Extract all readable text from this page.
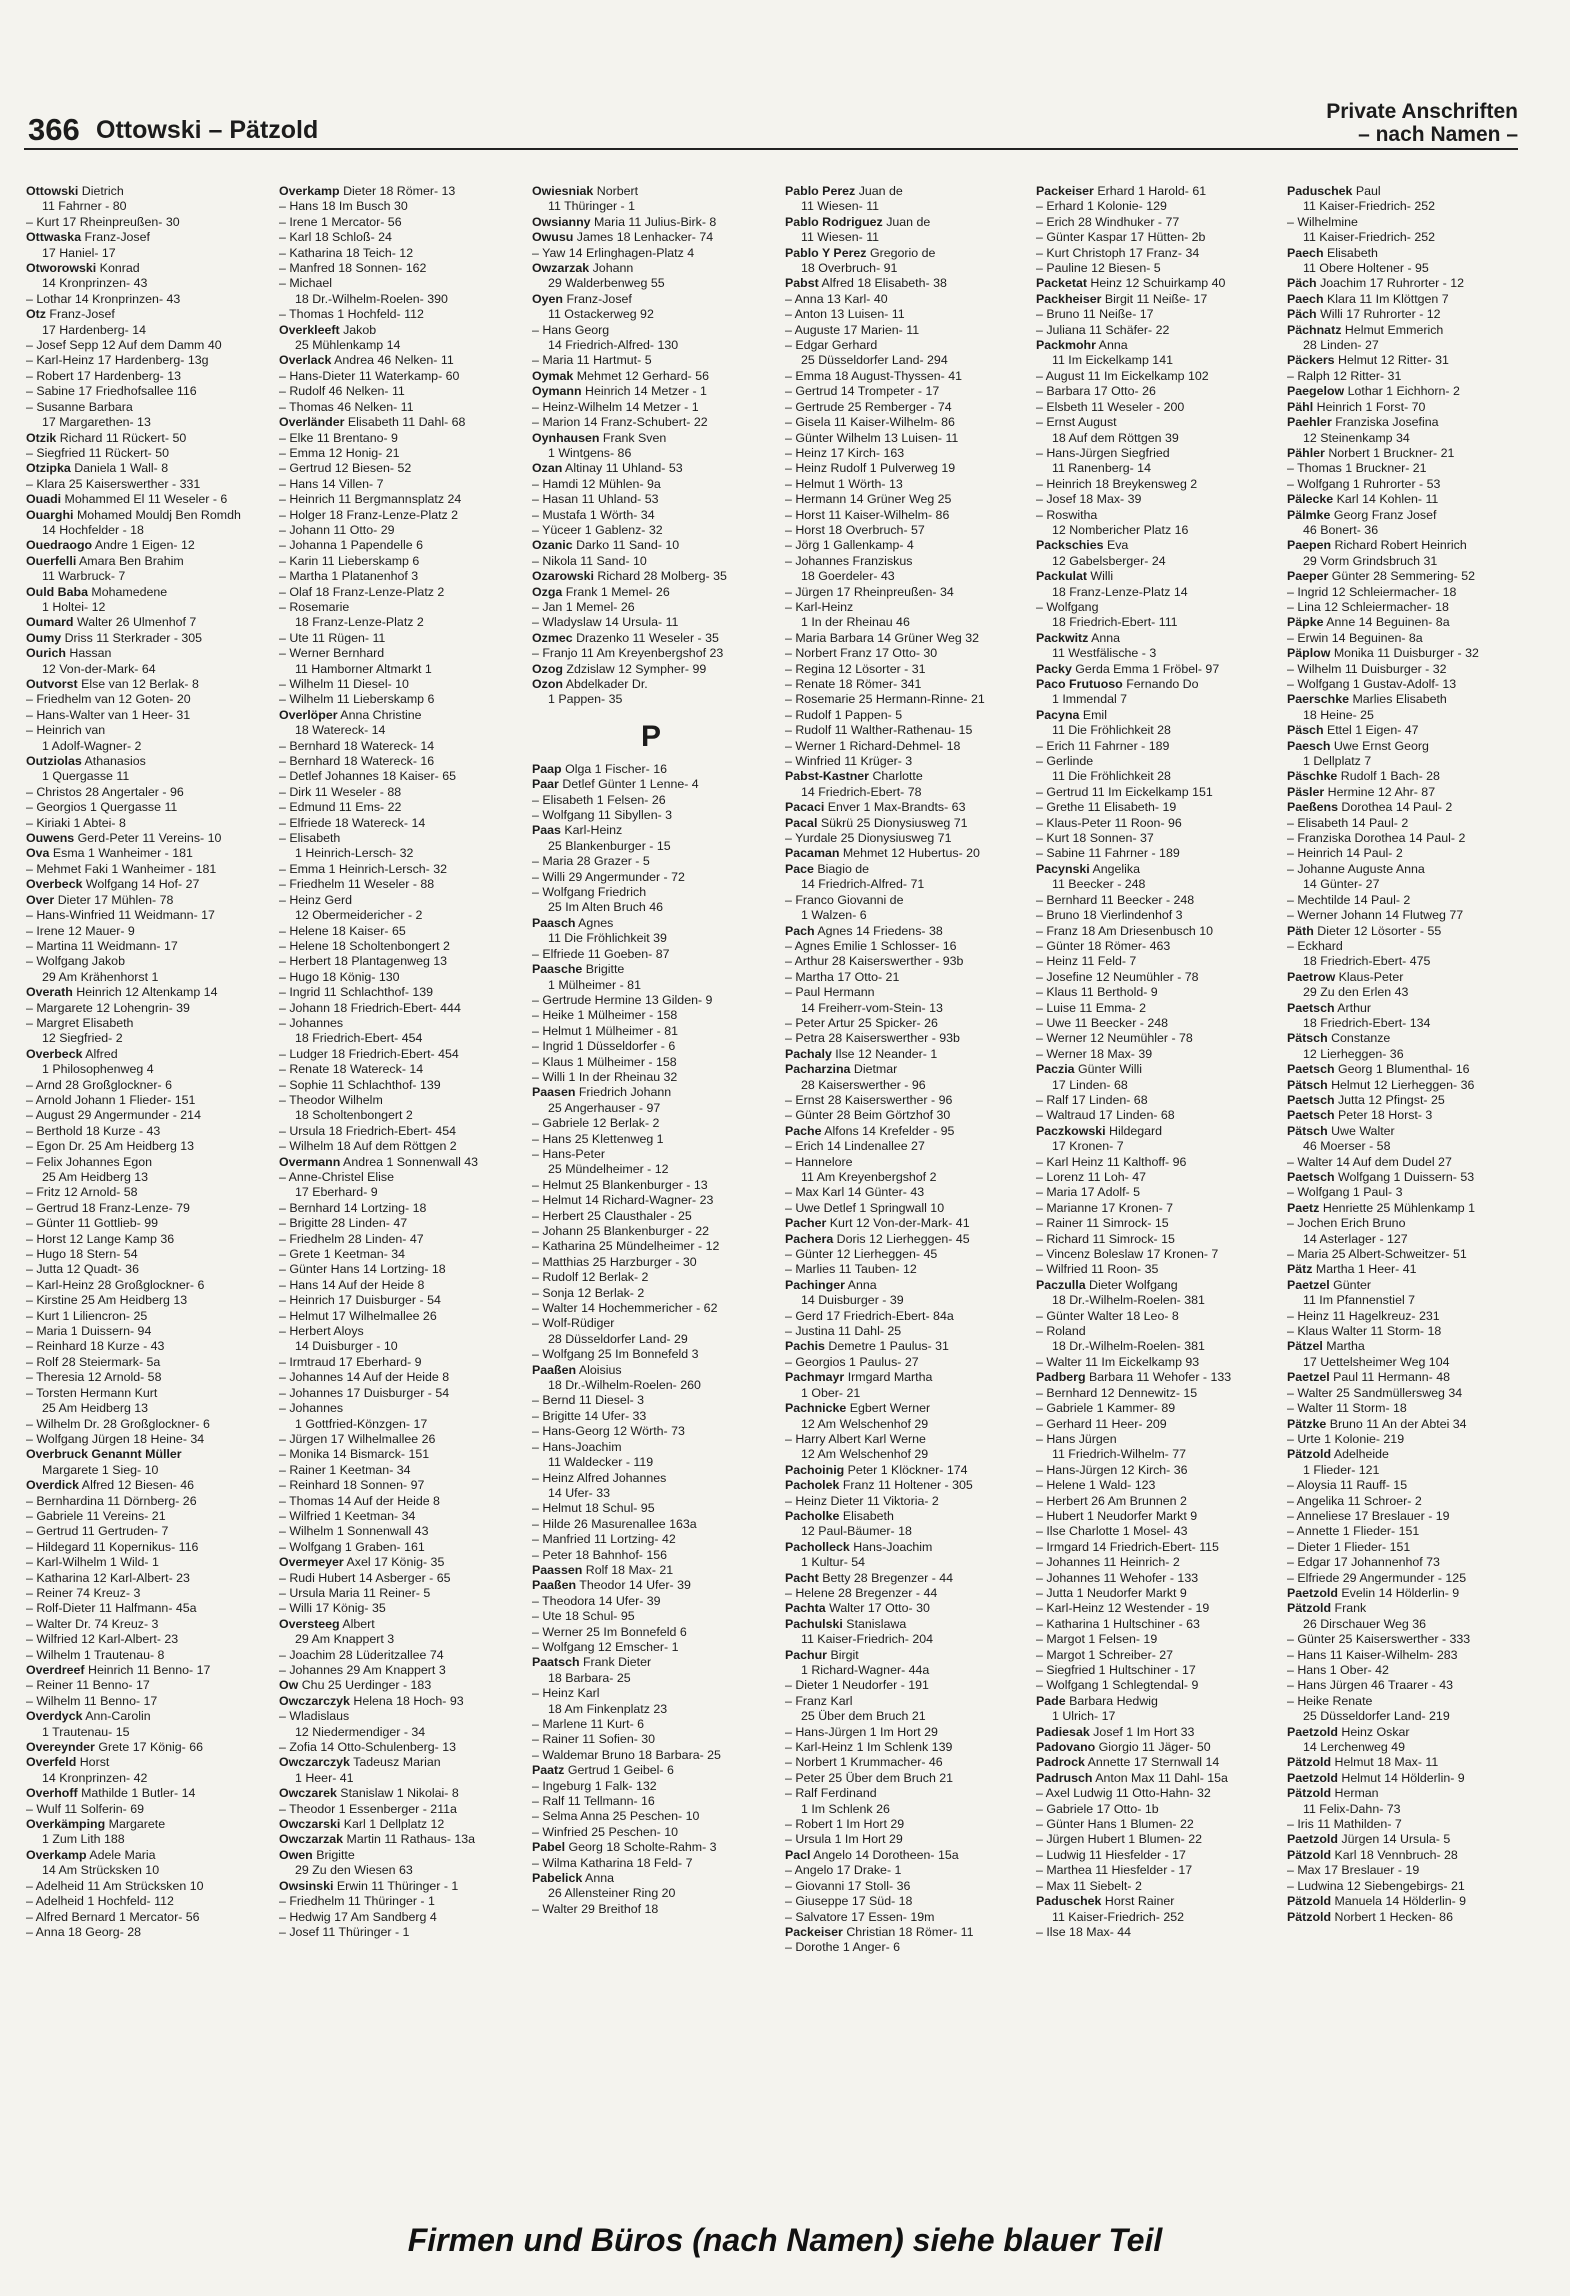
366 Ottowski – Pätzold
Private Anschriften
– nach Namen –
Ottowski Dietrich
11 Fahrner - 80
– Kurt 17 Rheinpreußen- 30
Ottwaska Franz-Josef
17 Haniel- 17
Otworowski Konrad
14 Kronprinzen- 43
– Lothar 14 Kronprinzen- 43
Otz Franz-Josef
17 Hardenberg- 14
– Josef Sepp 12 Auf dem Damm 40
– Karl-Heinz 17 Hardenberg- 13g
– Robert 17 Hardenberg- 13
– Sabine 17 Friedhofsallee 116
– Susanne Barbara
17 Margarethen- 13
Otzik Richard 11 Rückert- 50
– Siegfried 11 Rückert- 50
Otzipka Daniela 1 Wall- 8
– Klara 25 Kaiserswerther - 331
Ouadi Mohammed El 11 Weseler - 6
Ouarghi Mohamed Mouldj Ben Romdh
14 Hochfelder - 18
Ouedraogo Andre 1 Eigen- 12
Ouerfelli Amara Ben Brahim
11 Warbruck- 7
Ould Baba Mohamedene
1 Holtei- 12
Oumard Walter 26 Ulmenhof 7
Oumy Driss 11 Sterkrader - 305
Ourich Hassan
12 Von-der-Mark- 64
Outvorst Else van 12 Berlak- 8
– Friedhelm van 12 Goten- 20
– Hans-Walter van 1 Heer- 31
– Heinrich van
1 Adolf-Wagner- 2
Outziolas Athanasios
1 Quergasse 11
– Christos 28 Angertaler - 96
– Georgios 1 Quergasse 11
– Kiriaki 1 Abtei- 8
Ouwens Gerd-Peter 11 Vereins- 10
Ova Esma 1 Wanheimer - 181
– Mehmet Faki 1 Wanheimer - 181
Overbeck Wolfgang 14 Hof- 27
Over Dieter 17 Mühlen- 78
– Hans-Winfried 11 Weidmann- 17
– Irene 12 Mauer- 9
– Martina 11 Weidmann- 17
– Wolfgang Jakob
29 Am Krähenhorst 1
Overath Heinrich 12 Altenkamp 14
– Margarete 12 Lohengrin- 39
– Margret Elisabeth
12 Siegfried- 2
Overbeck Alfred
1 Philosophenweg 4
– Arnd 28 Großglockner- 6
– Arnold Johann 1 Flieder- 151
– August 29 Angermunder - 214
– Berthold 18 Kurze - 43
– Egon Dr. 25 Am Heidberg 13
– Felix Johannes Egon
25 Am Heidberg 13
– Fritz 12 Arnold- 58
– Gertrud 18 Franz-Lenze- 79
– Günter 11 Gottlieb- 99
– Horst 12 Lange Kamp 36
– Hugo 18 Stern- 54
– Jutta 12 Quadt- 36
– Karl-Heinz 28 Großglockner- 6
– Kirstine 25 Am Heidberg 13
– Kurt 1 Liliencron- 25
– Maria 1 Duissern- 94
– Reinhard 18 Kurze - 43
– Rolf 28 Steiermark- 5a
– Theresia 12 Arnold- 58
– Torsten Hermann Kurt
25 Am Heidberg 13
– Wilhelm Dr. 28 Großglockner- 6
– Wolfgang Jürgen 18 Heine- 34
Overbruck Genannt Müller
Margarete 1 Sieg- 10
Overdick Alfred 12 Biesen- 46
– Bernhardina 11 Dörnberg- 26
– Gabriele 11 Vereins- 21
– Gertrud 11 Gertruden- 7
– Hildegard 11 Kopernikus- 116
– Karl-Wilhelm 1 Wild- 1
– Katharina 12 Karl-Albert- 23
– Reiner 74 Kreuz- 3
– Rolf-Dieter 11 Halfmann- 45a
– Walter Dr. 74 Kreuz- 3
– Wilfried 12 Karl-Albert- 23
– Wilhelm 1 Trautenau- 8
Overdreef Heinrich 11 Benno- 17
– Reiner 11 Benno- 17
– Wilhelm 11 Benno- 17
Overdyck Ann-Carolin
1 Trautenau- 15
Overeynder Grete 17 König- 66
Overfeld Horst
14 Kronprinzen- 42
Overhoff Mathilde 1 Butler- 14
– Wulf 11 Solferin- 69
Overkämping Margarete
1 Zum Lith 188
Overkamp Adele Maria
14 Am Strücksken 10
– Adelheid 11 Am Strücksken 10
– Adelheid 1 Hochfeld- 112
– Alfred Bernard 1 Mercator- 56
– Anna 18 Georg- 28
Overkamp Dieter 18 Römer- 13
– Hans 18 Im Busch 30
– Irene 1 Mercator- 56
– Karl 18 Schloß- 24
– Katharina 18 Teich- 12
– Manfred 18 Sonnen- 162
– Michael
18 Dr.-Wilhelm-Roelen- 390
– Thomas 1 Hochfeld- 112
Overkleeft Jakob
25 Mühlenkamp 14
Overlack Andrea 46 Nelken- 11
– Hans-Dieter 11 Waterkamp- 60
– Rudolf 46 Nelken- 11
– Thomas 46 Nelken- 11
Overländer Elisabeth 11 Dahl- 68
– Elke 11 Brentano- 9
– Emma 12 Honig- 21
– Gertrud 12 Biesen- 52
– Hans 14 Villen- 7
– Heinrich 11 Bergmannsplatz 24
– Holger 18 Franz-Lenze-Platz 2
– Johann 11 Otto- 29
– Johanna 1 Papendelle 6
– Karin 11 Lieberskamp 6
– Martha 1 Platanenhof 3
– Olaf 18 Franz-Lenze-Platz 2
– Rosemarie
18 Franz-Lenze-Platz 2
– Ute 11 Rügen- 11
– Werner Bernhard
11 Hamborner Altmarkt 1
– Wilhelm 11 Diesel- 10
– Wilhelm 11 Lieberskamp 6
Overlöper Anna Christine
18 Watereck- 14
– Bernhard 18 Watereck- 14
– Bernhard 18 Watereck- 16
– Detlef Johannes 18 Kaiser- 65
– Dirk 11 Weseler - 88
– Edmund 11 Ems- 22
– Elfriede 18 Watereck- 14
– Elisabeth
1 Heinrich-Lersch- 32
– Emma 1 Heinrich-Lersch- 32
– Friedhelm 11 Weseler - 88
– Heinz Gerd
12 Obermeidericher - 2
– Helene 18 Kaiser- 65
– Helene 18 Scholtenbongert 2
– Herbert 18 Plantagenweg 13
– Hugo 18 König- 130
– Ingrid 11 Schlachthof- 139
– Johann 18 Friedrich-Ebert- 444
– Johannes
18 Friedrich-Ebert- 454
– Ludger 18 Friedrich-Ebert- 454
– Renate 18 Watereck- 14
– Sophie 11 Schlachthof- 139
– Theodor Wilhelm
18 Scholtenbongert 2
– Ursula 18 Friedrich-Ebert- 454
– Wilhelm 18 Auf dem Röttgen 2
Overmann Andrea 1 Sonnenwall 43
– Anne-Christel Elise
17 Eberhard- 9
– Bernhard 14 Lortzing- 18
– Brigitte 28 Linden- 47
– Friedhelm 28 Linden- 47
– Grete 1 Keetman- 34
– Günter Hans 14 Lortzing- 18
– Hans 14 Auf der Heide 8
– Heinrich 17 Duisburger - 54
– Helmut 17 Wilhelmallee 26
– Herbert Aloys
14 Duisburger - 10
– Irmtraud 17 Eberhard- 9
– Johannes 14 Auf der Heide 8
– Johannes 17 Duisburger - 54
– Johannes
1 Gottfried-Könzgen- 17
– Jürgen 17 Wilhelmallee 26
– Monika 14 Bismarck- 151
– Rainer 1 Keetman- 34
– Reinhard 18 Sonnen- 97
– Thomas 14 Auf der Heide 8
– Wilfried 1 Keetman- 34
– Wilhelm 1 Sonnenwall 43
– Wolfgang 1 Graben- 161
Overmeyer Axel 17 König- 35
– Rudi Hubert 14 Asberger - 65
– Ursula Maria 11 Reiner- 5
– Willi 17 König- 35
Oversteeg Albert
29 Am Knappert 3
– Joachim 28 Lüderitzallee 74
– Johannes 29 Am Knappert 3
Ow Chu 25 Uerdinger - 183
Owczarczyk Helena 18 Hoch- 93
– Wladislaus
12 Niedermendiger - 34
– Zofia 14 Otto-Schulenberg- 13
Owczarczyk Tadeusz Marian
1 Heer- 41
Owczarek Stanislaw 1 Nikolai- 8
– Theodor 1 Essenberger - 211a
Owczarski Karl 1 Dellplatz 12
Owczarzak Martin 11 Rathaus- 13a
Owen Brigitte
29 Zu den Wiesen 63
Owsinski Erwin 11 Thüringer - 1
– Friedhelm 11 Thüringer - 1
– Hedwig 17 Am Sandberg 4
– Josef 11 Thüringer - 1
Owiesniak Norbert
11 Thüringer - 1
Owsianny Maria 11 Julius-Birk- 8
Owusu James 18 Lenhacker- 74
– Yaw 14 Erlinghagen-Platz 4
Owzarzak Johann
29 Walderbenweg 55
Oyen Franz-Josef
11 Ostackerweg 92
– Hans Georg
14 Friedrich-Alfred- 130
– Maria 11 Hartmut- 5
Oymak Mehmet 12 Gerhard- 56
Oymann Heinrich 14 Metzer - 1
– Heinz-Wilhelm 14 Metzer - 1
– Marion 14 Franz-Schubert- 22
Oynhausen Frank Sven
1 Wintgens- 86
Ozan Altinay 11 Uhland- 53
– Hamdi 12 Mühlen- 9a
– Hasan 11 Uhland- 53
– Mustafa 1 Wörth- 34
– Yüceer 1 Gablenz- 32
Ozanic Darko 11 Sand- 10
– Nikola 11 Sand- 10
Ozarowski Richard 28 Molberg- 35
Ozga Frank 1 Memel- 26
– Jan 1 Memel- 26
– Wladyslaw 14 Ursula- 11
Ozmec Drazenko 11 Weseler - 35
– Franjo 11 Am Kreyenbergshof 23
Ozog Zdzislaw 12 Sympher- 99
Ozon Abdelkader Dr.
1 Pappen- 35
P
Paap Olga 1 Fischer- 16
Paar Detlef Günter 1 Lenne- 4
– Elisabeth 1 Felsen- 26
– Wolfgang 11 Sibyllen- 3
Paas Karl-Heinz
25 Blankenburger - 15
– Maria 28 Grazer - 5
– Willi 29 Angermunder - 72
– Wolfgang Friedrich
25 Im Alten Bruch 46
Paasch Agnes
11 Die Fröhlichkeit 39
– Elfriede 11 Goeben- 87
Paasche Brigitte
1 Mülheimer - 81
– Gertrude Hermine 13 Gilden- 9
– Heike 1 Mülheimer - 158
– Helmut 1 Mülheimer - 81
– Ingrid 1 Düsseldorfer - 6
– Klaus 1 Mülheimer - 158
– Willi 1 In der Rheinau 32
Paasen Friedrich Johann
25 Angerhauser - 97
– Gabriele 12 Berlak- 2
– Hans 25 Klettenweg 1
– Hans-Peter
25 Mündelheimer - 12
– Helmut 25 Blankenburger - 13
– Helmut 14 Richard-Wagner- 23
– Herbert 25 Clausthaler - 25
– Johann 25 Blankenburger - 22
– Katharina 25 Mündelheimer - 12
– Matthias 25 Harzburger - 30
– Rudolf 12 Berlak- 2
– Sonja 12 Berlak- 2
– Walter 14 Hochemmericher - 62
– Wolf-Rüdiger
28 Düsseldorfer Land- 29
– Wolfgang 25 Im Bonnefeld 3
Paaßen Aloisius
18 Dr.-Wilhelm-Roelen- 260
– Bernd 11 Diesel- 3
– Brigitte 14 Ufer- 33
– Hans-Georg 12 Wörth- 73
– Hans-Joachim
11 Waldecker - 119
– Heinz Alfred Johannes
14 Ufer- 33
– Helmut 18 Schul- 95
– Hilde 26 Masurenallee 163a
– Manfried 11 Lortzing- 42
– Peter 18 Bahnhof- 156
Paassen Rolf 18 Max- 21
Paaßen Theodor 14 Ufer- 39
– Theodora 14 Ufer- 39
– Ute 18 Schul- 95
– Werner 25 Im Bonnefeld 6
– Wolfgang 12 Emscher- 1
Paatsch Frank Dieter
18 Barbara- 25
– Heinz Karl
18 Am Finkenplatz 23
– Marlene 11 Kurt- 6
– Rainer 11 Sofien- 30
– Waldemar Bruno 18 Barbara- 25
Paatz Gertrud 1 Geibel- 6
– Ingeburg 1 Falk- 132
– Ralf 11 Tellmann- 16
– Selma Anna 25 Peschen- 10
– Winfried 25 Peschen- 10
Pabel Georg 18 Scholte-Rahm- 3
– Wilma Katharina 18 Feld- 7
Pabelick Anna
26 Allensteiner Ring 20
– Walter 29 Breithof 18
Pablo Perez Juan de
11 Wiesen- 11
Pablo Rodriguez Juan de
11 Wiesen- 11
Pablo Y Perez Gregorio de
18 Overbruch- 91
Pabst Alfred 18 Elisabeth- 38
– Anna 13 Karl- 40
– Anton 13 Luisen- 11
– Auguste 17 Marien- 11
– Edgar Gerhard
25 Düsseldorfer Land- 294
– Emma 18 August-Thyssen- 41
– Gertrud 14 Trompeter - 17
– Gertrude 25 Remberger - 74
– Gisela 11 Kaiser-Wilhelm- 86
– Günter Wilhelm 13 Luisen- 11
– Heinz 17 Kirch- 163
– Heinz Rudolf 1 Pulverweg 19
– Helmut 1 Wörth- 13
– Hermann 14 Grüner Weg 25
– Horst 11 Kaiser-Wilhelm- 86
– Horst 18 Overbruch- 57
– Jörg 1 Gallenkamp- 4
– Johannes Franziskus
18 Goerdeler- 43
– Jürgen 17 Rheinpreußen- 34
– Karl-Heinz
1 In der Rheinau 46
– Maria Barbara 14 Grüner Weg 32
– Norbert Franz 17 Otto- 30
– Regina 12 Lösorter - 31
– Renate 18 Römer- 341
– Rosemarie 25 Hermann-Rinne- 21
– Rudolf 1 Pappen- 5
– Rudolf 11 Walther-Rathenau- 15
– Werner 1 Richard-Dehmel- 18
– Winfried 11 Krüger- 3
Pabst-Kastner Charlotte
14 Friedrich-Ebert- 78
Pacaci Enver 1 Max-Brandts- 63
Pacal Sükrü 25 Dionysiusweg 71
– Yurdale 25 Dionysiusweg 71
Pacaman Mehmet 12 Hubertus- 20
Pace Biagio de
14 Friedrich-Alfred- 71
– Franco Giovanni de
1 Walzen- 6
Pach Agnes 14 Friedens- 38
– Agnes Emilie 1 Schlosser- 16
– Arthur 28 Kaiserswerther - 93b
– Martha 17 Otto- 21
– Paul Hermann
14 Freiherr-vom-Stein- 13
– Peter Artur 25 Spicker- 26
– Petra 28 Kaiserswerther - 93b
Pachaly Ilse 12 Neander- 1
Pacharzina Dietmar
28 Kaiserswerther - 96
– Ernst 28 Kaiserswerther - 96
– Günter 28 Beim Görtzhof 30
Pache Alfons 14 Krefelder - 95
– Erich 14 Lindenallee 27
– Hannelore
11 Am Kreyenbergshof 2
– Max Karl 14 Günter- 43
– Uwe Detlef 1 Springwall 10
Pacher Kurt 12 Von-der-Mark- 41
Pachera Doris 12 Lierheggen- 45
– Günter 12 Lierheggen- 45
– Marlies 11 Tauben- 12
Pachinger Anna
14 Duisburger - 39
– Gerd 17 Friedrich-Ebert- 84a
– Justina 11 Dahl- 25
Pachis Demetre 1 Paulus- 31
– Georgios 1 Paulus- 27
Pachmayr Irmgard Martha
1 Ober- 21
Pachnicke Egbert Werner
12 Am Welschenhof 29
– Harry Albert Karl Werne
12 Am Welschenhof 29
Pachoinig Peter 1 Klöckner- 174
Pacholek Franz 11 Holtener - 305
– Heinz Dieter 11 Viktoria- 2
Pacholke Elisabeth
12 Paul-Bäumer- 18
Pacholleck Hans-Joachim
1 Kultur- 54
Pacht Betty 28 Bregenzer - 44
– Helene 28 Bregenzer - 44
Pachta Walter 17 Otto- 30
Pachulski Stanislawa
11 Kaiser-Friedrich- 204
Pachur Birgit
1 Richard-Wagner- 44a
– Dieter 1 Neudorfer - 191
– Franz Karl
25 Über dem Bruch 21
– Hans-Jürgen 1 Im Hort 29
– Karl-Heinz 1 Im Schlenk 139
– Norbert 1 Krummacher- 46
– Peter 25 Über dem Bruch 21
– Ralf Ferdinand
1 Im Schlenk 26
– Robert 1 Im Hort 29
– Ursula 1 Im Hort 29
Pacl Angelo 14 Dorotheen- 15a
– Angelo 17 Drake- 1
– Giovanni 17 Stoll- 36
– Giuseppe 17 Süd- 18
– Salvatore 17 Essen- 19m
Packeiser Christian 18 Römer- 11
– Dorothe 1 Anger- 6
Packeiser Erhard 1 Harold- 61
– Erhard 1 Kolonie- 129
– Erich 28 Windhuker - 77
– Günter Kaspar 17 Hütten- 2b
– Kurt Christoph 17 Franz- 34
– Pauline 12 Biesen- 5
Packetat Heinz 12 Schuirkamp 40
Packheiser Birgit 11 Neiße- 17
– Bruno 11 Neiße- 17
– Juliana 11 Schäfer- 22
Packmohr Anna
11 Im Eickelkamp 141
– August 11 Im Eickelkamp 102
– Barbara 17 Otto- 26
– Elsbeth 11 Weseler - 200
– Ernst August
18 Auf dem Röttgen 39
– Hans-Jürgen Siegfried
11 Ranenberg- 14
– Heinrich 18 Breykensweg 2
– Josef 18 Max- 39
– Roswitha
12 Nombericher Platz 16
Packschies Eva
12 Gabelsberger- 24
Packulat Willi
18 Franz-Lenze-Platz 14
– Wolfgang
18 Friedrich-Ebert- 111
Packwitz Anna
11 Westfälische - 3
Packy Gerda Emma 1 Fröbel- 97
Paco Frutuoso Fernando Do
1 Immendal 7
Pacyna Emil
11 Die Fröhlichkeit 28
– Erich 11 Fahrner - 189
– Gerlinde
11 Die Fröhlichkeit 28
– Gertrud 11 Im Eickelkamp 151
– Grethe 11 Elisabeth- 19
– Klaus-Peter 11 Roon- 96
– Kurt 18 Sonnen- 37
– Sabine 11 Fahrner - 189
Pacynski Angelika
11 Beecker - 248
– Bernhard 11 Beecker - 248
– Bruno 18 Vierlindenhof 3
– Franz 18 Am Driesenbusch 10
– Günter 18 Römer- 463
– Heinz 11 Feld- 7
– Josefine 12 Neumühler - 78
– Klaus 11 Berthold- 9
– Luise 11 Emma- 2
– Uwe 11 Beecker - 248
– Werner 12 Neumühler - 78
– Werner 18 Max- 39
Paczia Günter Willi
17 Linden- 68
– Ralf 17 Linden- 68
– Waltraud 17 Linden- 68
Paczkowski Hildegard
17 Kronen- 7
– Karl Heinz 11 Kalthoff- 96
– Lorenz 11 Loh- 47
– Maria 17 Adolf- 5
– Marianne 17 Kronen- 7
– Rainer 11 Simrock- 15
– Richard 11 Simrock- 15
– Vincenz Boleslaw 17 Kronen- 7
– Wilfried 11 Roon- 35
Paczulla Dieter Wolfgang
18 Dr.-Wilhelm-Roelen- 381
– Günter Walter 18 Leo- 8
– Roland
18 Dr.-Wilhelm-Roelen- 381
– Walter 11 Im Eickelkamp 93
Padberg Barbara 11 Wehofer - 133
– Bernhard 12 Dennewitz- 15
– Gabriele 1 Kammer- 89
– Gerhard 11 Heer- 209
– Hans Jürgen
11 Friedrich-Wilhelm- 77
– Hans-Jürgen 12 Kirch- 36
– Helene 1 Wald- 123
– Herbert 26 Am Brunnen 2
– Hubert 1 Neudorfer Markt 9
– Ilse Charlotte 1 Mosel- 43
– Irmgard 14 Friedrich-Ebert- 115
– Johannes 11 Heinrich- 2
– Johannes 11 Wehofer - 133
– Jutta 1 Neudorfer Markt 9
– Karl-Heinz 12 Westender - 19
– Katharina 1 Hultschiner - 63
– Margot 1 Felsen- 19
– Margot 1 Schreiber- 27
– Siegfried 1 Hultschiner - 17
– Wolfgang 1 Schlegtendal- 9
Pade Barbara Hedwig
1 Ulrich- 17
Padiesak Josef 1 Im Hort 33
Padovano Giorgio 11 Jäger- 50
Padrock Annette 17 Sternwall 14
Padrusch Anton Max 11 Dahl- 15a
– Axel Ludwig 11 Otto-Hahn- 32
– Gabriele 17 Otto- 1b
– Günter Hans 1 Blumen- 22
– Jürgen Hubert 1 Blumen- 22
– Ludwig 11 Hiesfelder - 17
– Marthea 11 Hiesfelder - 17
– Max 11 Siebelt- 2
Paduschek Horst Rainer
11 Kaiser-Friedrich- 252
– Ilse 18 Max- 44
Paduschek Paul
11 Kaiser-Friedrich- 252
– Wilhelmine
11 Kaiser-Friedrich- 252
Paech Elisabeth
11 Obere Holtener - 95
Päch Joachim 17 Ruhrorter - 12
Paech Klara 11 Im Klöttgen 7
Päch Willi 17 Ruhrorter - 12
Pächnatz Helmut Emmerich
28 Linden- 27
Päckers Helmut 12 Ritter- 31
– Ralph 12 Ritter- 31
Paegelow Lothar 1 Eichhorn- 2
Pähl Heinrich 1 Forst- 70
Paehler Franziska Josefina
12 Steinenkamp 34
Pähler Norbert 1 Bruckner- 21
– Thomas 1 Bruckner- 21
– Wolfgang 1 Ruhrorter - 53
Pälecke Karl 14 Kohlen- 11
Pälmke Georg Franz Josef
46 Bonert- 36
Paepen Richard Robert Heinrich
29 Vorm Grindsbruch 31
Paeper Günter 28 Semmering- 52
– Ingrid 12 Schleiermacher- 18
– Lina 12 Schleiermacher- 18
Päpke Anne 14 Beguinen- 8a
– Erwin 14 Beguinen- 8a
Päplow Monika 11 Duisburger - 32
– Wilhelm 11 Duisburger - 32
– Wolfgang 1 Gustav-Adolf- 13
Paerschke Marlies Elisabeth
18 Heine- 25
Päsch Ettel 1 Eigen- 47
Paesch Uwe Ernst Georg
1 Dellplatz 7
Päschke Rudolf 1 Bach- 28
Päsler Hermine 12 Ahr- 87
Paeßens Dorothea 14 Paul- 2
– Elisabeth 14 Paul- 2
– Franziska Dorothea 14 Paul- 2
– Heinrich 14 Paul- 2
– Johanne Auguste Anna
14 Günter- 27
– Mechtilde 14 Paul- 2
– Werner Johann 14 Flutweg 77
Päth Dieter 12 Lösorter - 55
– Eckhard
18 Friedrich-Ebert- 475
Paetrow Klaus-Peter
29 Zu den Erlen 43
Paetsch Arthur
18 Friedrich-Ebert- 134
Pätsch Constanze
12 Lierheggen- 36
Paetsch Georg 1 Blumenthal- 16
Pätsch Helmut 12 Lierheggen- 36
Paetsch Jutta 12 Pfingst- 25
Paetsch Peter 18 Horst- 3
Pätsch Uwe Walter
46 Moerser - 58
– Walter 14 Auf dem Dudel 27
Paetsch Wolfgang 1 Duissern- 53
– Wolfgang 1 Paul- 3
Paetz Henriette 25 Mühlenkamp 1
– Jochen Erich Bruno
14 Asterlager - 127
– Maria 25 Albert-Schweitzer- 51
Pätz Martha 1 Heer- 41
Paetzel Günter
11 Im Pfannenstiel 7
– Heinz 11 Hagelkreuz- 231
– Klaus Walter 11 Storm- 18
Pätzel Martha
17 Uettelsheimer Weg 104
Paetzel Paul 11 Hermann- 48
– Walter 25 Sandmüllersweg 34
– Walter 11 Storm- 18
Pätzke Bruno 11 An der Abtei 34
– Urte 1 Kolonie- 219
Pätzold Adelheide
1 Flieder- 121
– Aloysia 11 Rauff- 15
– Angelika 11 Schroer- 2
– Anneliese 17 Breslauer - 19
– Annette 1 Flieder- 151
– Dieter 1 Flieder- 151
– Edgar 17 Johannenhof 73
– Elfriede 29 Angermunder - 125
Paetzold Evelin 14 Hölderlin- 9
Pätzold Frank
26 Dirschauer Weg 36
– Günter 25 Kaiserswerther - 333
– Hans 11 Kaiser-Wilhelm- 283
– Hans 1 Ober- 42
– Hans Jürgen 46 Traarer - 43
– Heike Renate
25 Düsseldorfer Land- 219
Paetzold Heinz Oskar
14 Lerchenweg 49
Pätzold Helmut 18 Max- 11
Paetzold Helmut 14 Hölderlin- 9
Pätzold Herman
11 Felix-Dahn- 73
– Iris 11 Mathilden- 7
Paetzold Jürgen 14 Ursula- 5
Pätzold Karl 18 Vennbruch- 28
– Max 17 Breslauer - 19
– Ludwina 12 Siebengebirgs- 21
Pätzold Manuela 14 Hölderlin- 9
Pätzold Norbert 1 Hecken- 86
Firmen und Büros (nach Namen) siehe blauer Teil
